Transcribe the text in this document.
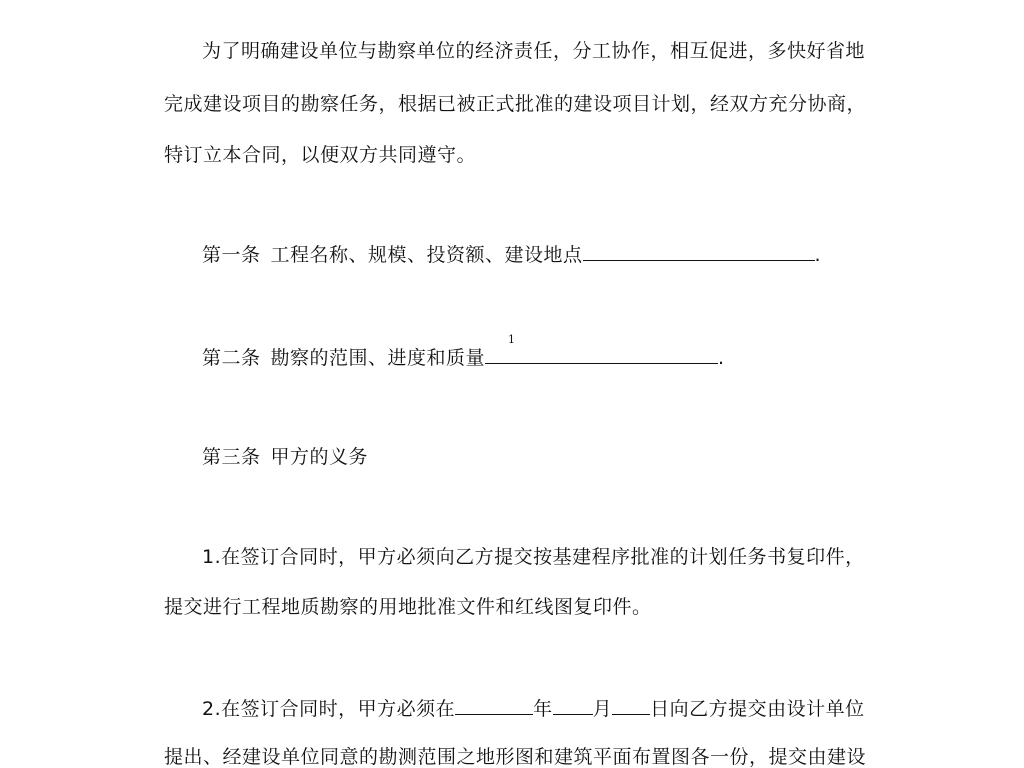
为了明确建设单位与勘察单位的经济责任，分工协作，相互促进，多快好省地
完成建设项目的勘察任务，根据已被正式批准的建设项目计划，经双方充分协商，
特订立本合同，以便双方共同遵守。
第一条 工程名称、规模、投资额、建设地点	.
1
第二条 勘察的范围、进度和质量	.
第三条 甲方的义务
1.在签订合同时，甲方必须向乙方提交按基建程序批准的计划任务书复印件，
提交进行工程地质勘察的用地批准文件和红线图复印件。
2.在签订合同时，甲方必须在	年 月 日向乙方提交由设计单位
提出、经建设单位同意的勘测范围之地形图和建筑平面布置图各一份，提交由建设
